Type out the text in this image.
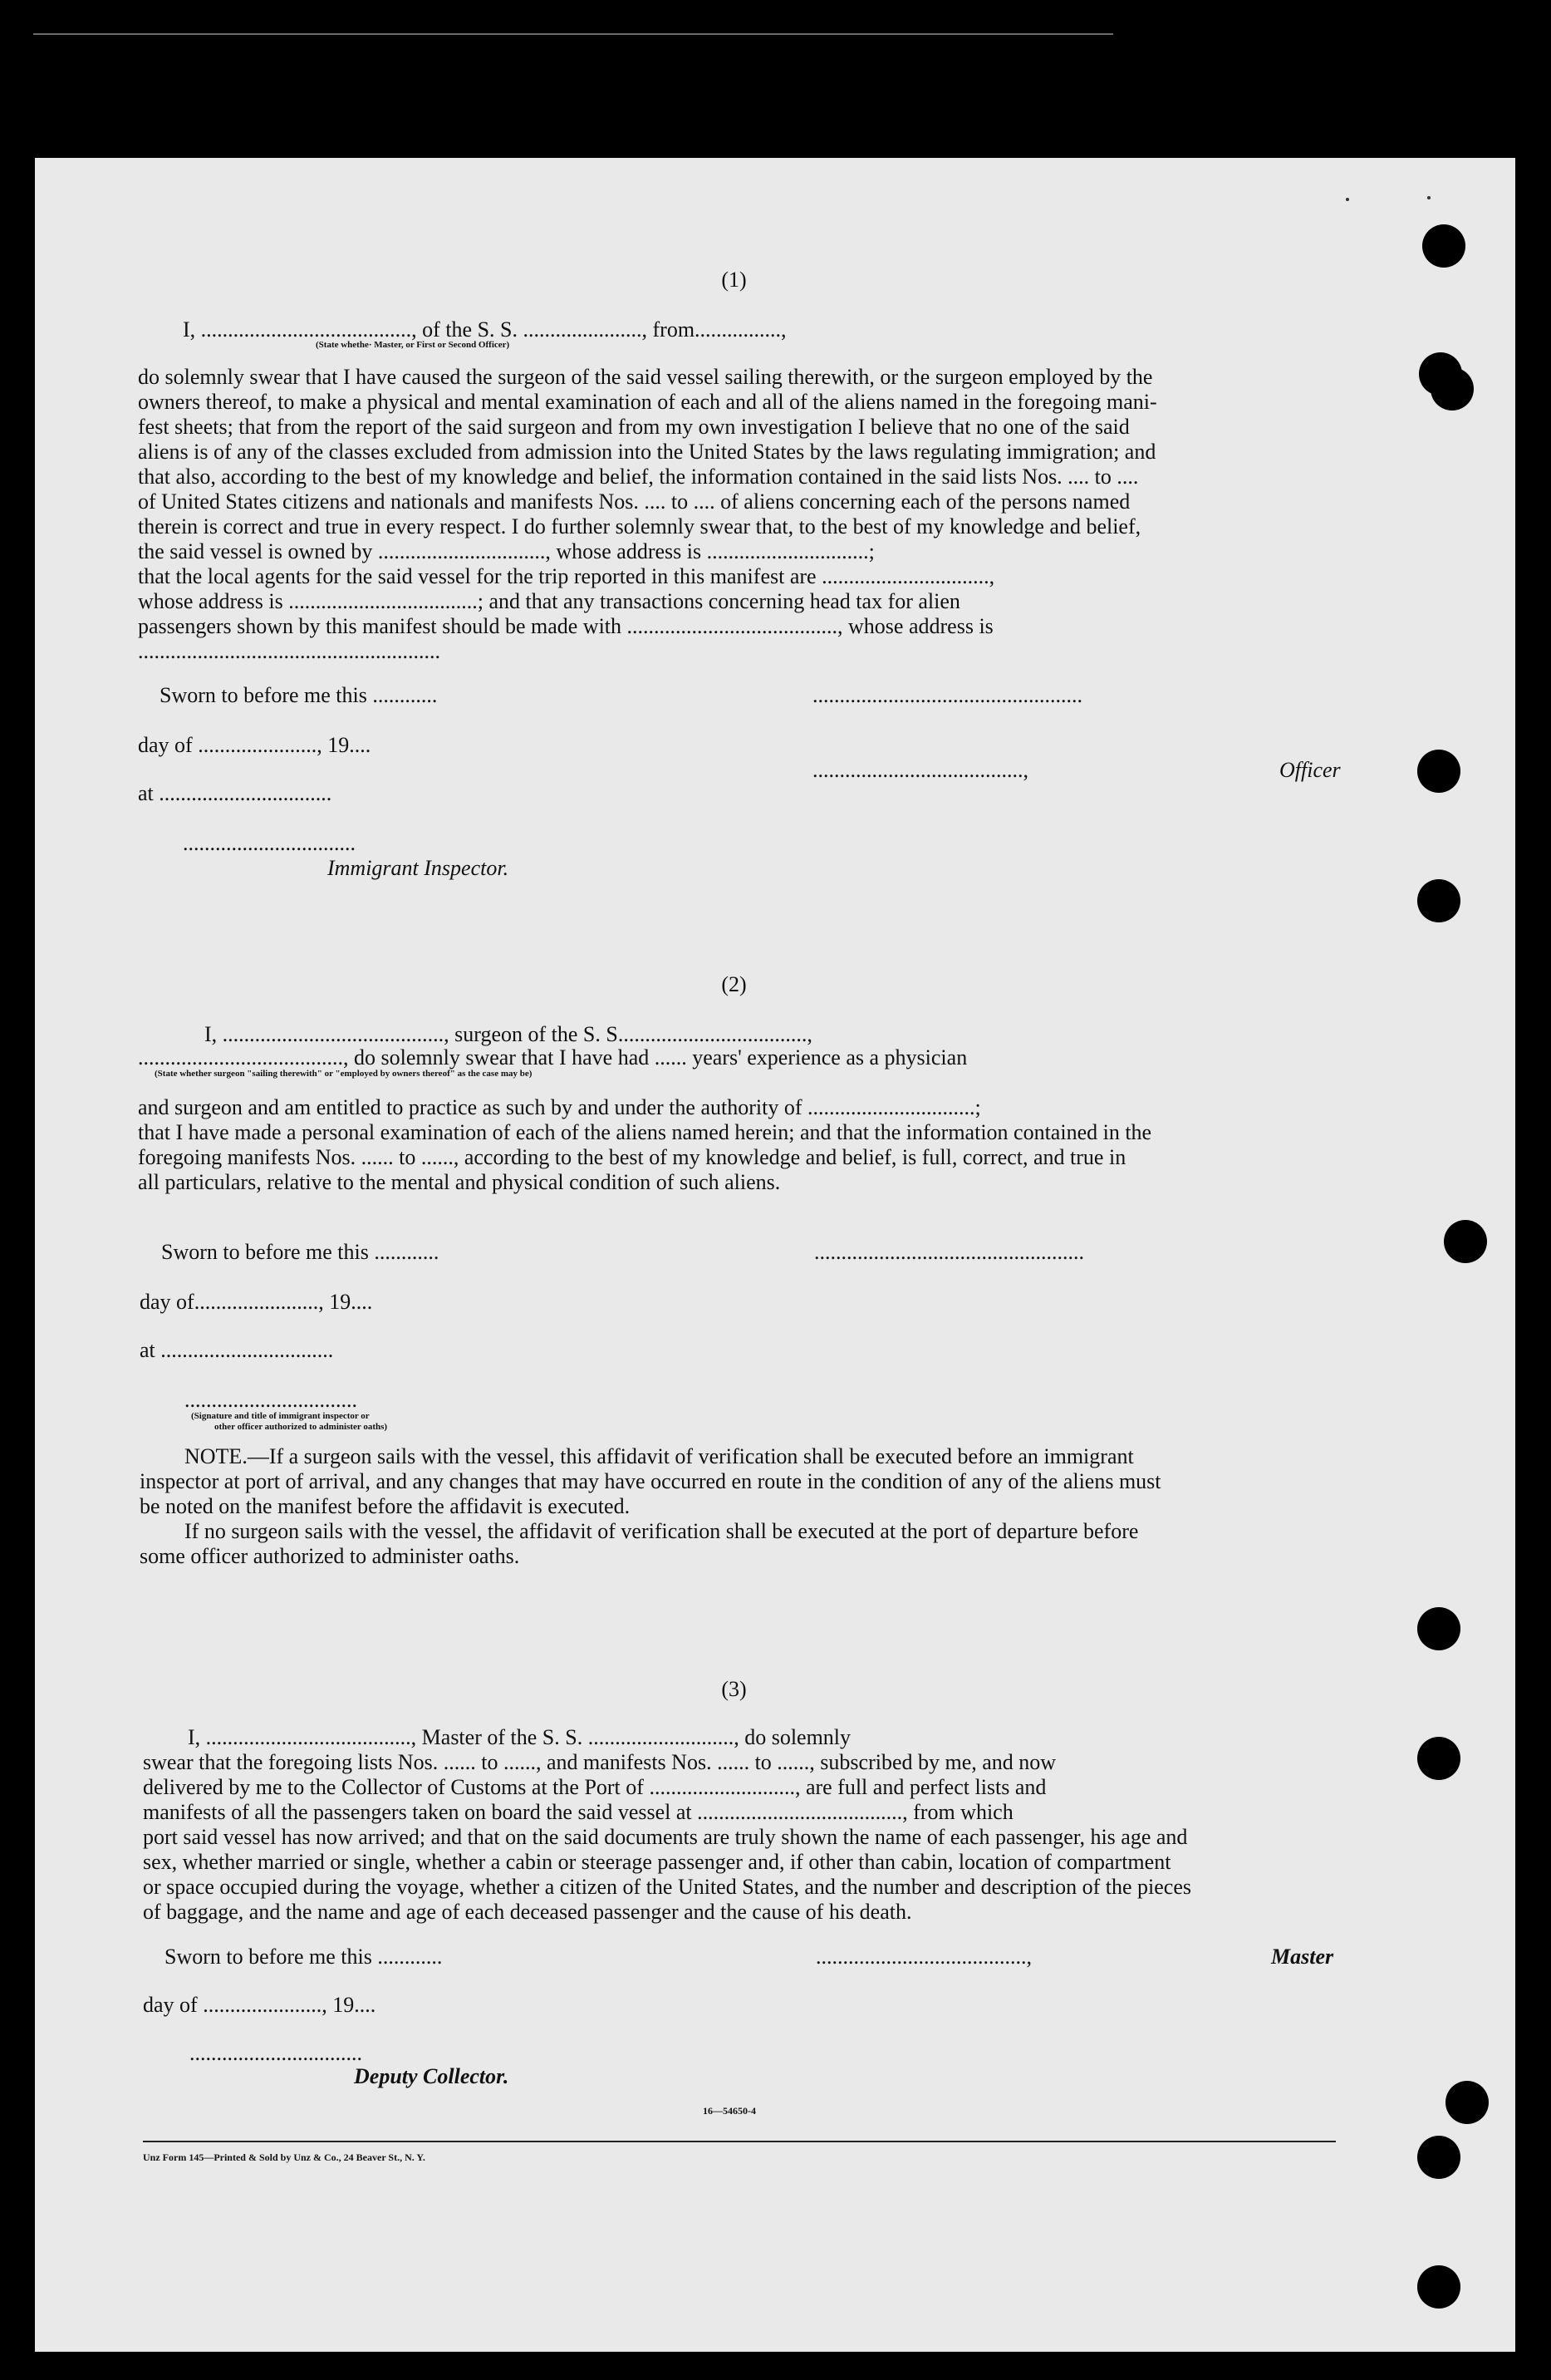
(1)
I, ......................................., of the S. S. ......................, from................,
(State whethe· Master, or First or Second Officer)
do solemnly swear that I have caused the surgeon of the said vessel sailing therewith, or the surgeon employed by the
owners thereof, to make a physical and mental examination of each and all of the aliens named in the foregoing mani-
fest sheets; that from the report of the said surgeon and from my own investigation I believe that no one of the said
aliens is of any of the classes excluded from admission into the United States by the laws regulating immigration; and
that also, according to the best of my knowledge and belief, the information contained in the said lists Nos. .... to ....
of United States citizens and nationals and manifests Nos. .... to .... of aliens concerning each of the persons named
therein is correct and true in every respect. I do further solemnly swear that, to the best of my knowledge and belief,
the said vessel is owned by ..............................., whose address is ..............................;
that the local agents for the said vessel for the trip reported in this manifest are ...............................,
whose address is ...................................; and that any transactions concerning head tax for alien
passengers shown by this manifest should be made with ......................................., whose address is
........................................................
Sworn to before me this ............	..................................................
day of ......................, 19....
.......................................,	Officer
at ................................
................................
Immigrant Inspector.
(2)
I, ........................................., surgeon of the S. S...................................,
......................................, do solemnly swear that I have had ...... years' experience as a physician
(State whether surgeon "sailing therewith" or "employed by owners thereof" as the case may be)
and surgeon and am entitled to practice as such by and under the authority of ...............................;
that I have made a personal examination of each of the aliens named herein; and that the information contained in the
foregoing manifests Nos. ...... to ......, according to the best of my knowledge and belief, is full, correct, and true in
all particulars, relative to the mental and physical condition of such aliens.
Sworn to before me this ............	..................................................
day of......................., 19....
at ................................
................................
(Signature and title of immigrant inspector or
other officer authorized to administer oaths)
NOTE.—If a surgeon sails with the vessel, this affidavit of verification shall be executed before an immigrant
inspector at port of arrival, and any changes that may have occurred en route in the condition of any of the aliens must
be noted on the manifest before the affidavit is executed.
If no surgeon sails with the vessel, the affidavit of verification shall be executed at the port of departure before
some officer authorized to administer oaths.
(3)
I, ......................................, Master of the S. S. ..........................., do solemnly
swear that the foregoing lists Nos. ...... to ......, and manifests Nos. ...... to ......, subscribed by me, and now
delivered by me to the Collector of Customs at the Port of ..........................., are full and perfect lists and
manifests of all the passengers taken on board the said vessel at ......................................, from which
port said vessel has now arrived; and that on the said documents are truly shown the name of each passenger, his age and
sex, whether married or single, whether a cabin or steerage passenger and, if other than cabin, location of compartment
or space occupied during the voyage, whether a citizen of the United States, and the number and description of the pieces
of baggage, and the name and age of each deceased passenger and the cause of his death.
Sworn to before me this ............	.......................................,	Master
day of ......................, 19....
................................
Deputy Collector.
16—54650-4
Unz Form 145—Printed & Sold by Unz & Co., 24 Beaver St., N. Y.
